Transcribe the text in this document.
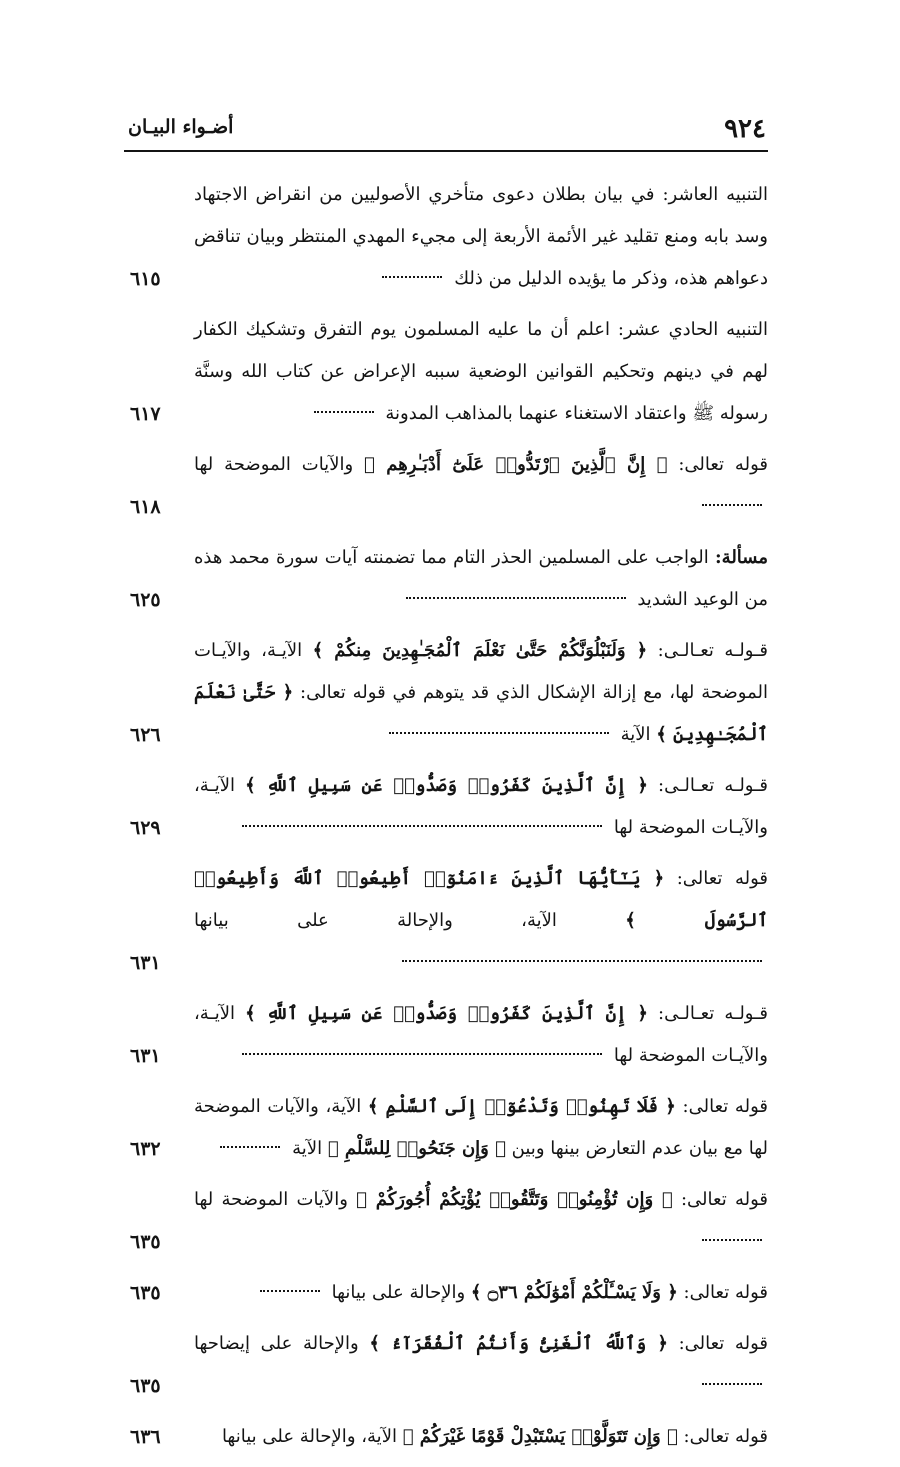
٩٢٤
أضـواء البيـان
التنبيه العاشر: في بيان بطلان دعوى متأخري الأصوليين من انقراض الاجتهاد وسد بابه ومنع تقليد غير الأئمة الأربعة إلى مجيء المهدي المنتظر وبيان تناقض دعواهم هذه، وذكر ما يؤيده الدليل من ذلك
٦١٥
التنبيه الحادي عشر: اعلم أن ما عليه المسلمون يوم التفرق وتشكيك الكفار لهم في دينهم وتحكيم القوانين الوضعية سببه الإعراض عن كتاب الله وسنَّة رسوله ﷺ واعتقاد الاستغناء عنهما بالمذاهب المدونة
٦١٧
قوله تعالى: ﴿ إِنَّ ٱلَّذِينَ ٱرْتَدُّوا۟ عَلَىٰٓ أَدْبَـٰرِهِم ﴾ والآيات الموضحة لها
٦١٨
مسألة: الواجب على المسلمين الحذر التام مما تضمنته آيات سورة محمد هذه من الوعيد الشديد
٦٢٥
قـولـه تعـالـى: ﴿ وَلَنَبْلُوَنَّكُمْ حَتَّىٰ نَعْلَمَ ٱلْمُجَـٰهِدِينَ مِنكُمْ ﴾ الآيـة، والآيـات الموضحة لها، مع إزالة الإشكال الذي قد يتوهم في قوله تعالى: ﴿ حَتَّىٰ نَعْلَمَ ٱلْمُجَـٰهِدِينَ ﴾ الآية
٦٢٦
قـولـه تعـالـى: ﴿ إِنَّ ٱلَّذِينَ كَفَرُوا۟ وَصَدُّوا۟ عَن سَبِيلِ ٱللَّهِ ﴾ الآيـة، والآيـات الموضحة لها
٦٢٩
قوله تعالى: ﴿ يَـٰٓأَيُّهَا ٱلَّذِينَ ءَامَنُوٓا۟ أَطِيعُوا۟ ٱللَّهَ وَأَطِيعُوا۟ ٱلرَّسُولَ ﴾ الآية، والإحالة على بيانها
٦٣١
قـولـه تعـالـى: ﴿ إِنَّ ٱلَّذِينَ كَفَرُوا۟ وَصَدُّوا۟ عَن سَبِيلِ ٱللَّهِ ﴾ الآيـة، والآيـات الموضحة لها
٦٣١
قوله تعالى: ﴿ فَلَا تَهِنُوا۟ وَتَدْعُوٓا۟ إِلَى ٱلسَّلْمِ ﴾ الآية، والآيات الموضحة لها مع بيان عدم التعارض بينها وبين ﴿ وَإِن جَنَحُوا۟ لِلسَّلْمِ ﴾ الآية
٦٣٢
قوله تعالى: ﴿ وَإِن تُؤْمِنُوا۟ وَتَتَّقُوا۟ يُؤْتِكُمْ أُجُورَكُمْ ﴾ والآيات الموضحة لها
٦٣٥
قوله تعالى: ﴿ وَلَا يَسْـَٔلْكُمْ أَمْوَٰلَكُمْ ۝٣٦ ﴾ والإحالة على بيانها
٦٣٥
قوله تعالى: ﴿ وَٱللَّهُ ٱلْغَنِىُّ وَأَنتُمُ ٱلْفُقَرَآءُ ﴾ والإحالة على إيضاحها
٦٣٥
قوله تعالى: ﴿ وَإِن تَتَوَلَّوْا۟ يَسْتَبْدِلْ قَوْمًا غَيْرَكُمْ ﴾ الآية، والإحالة على بيانها
٦٣٦
